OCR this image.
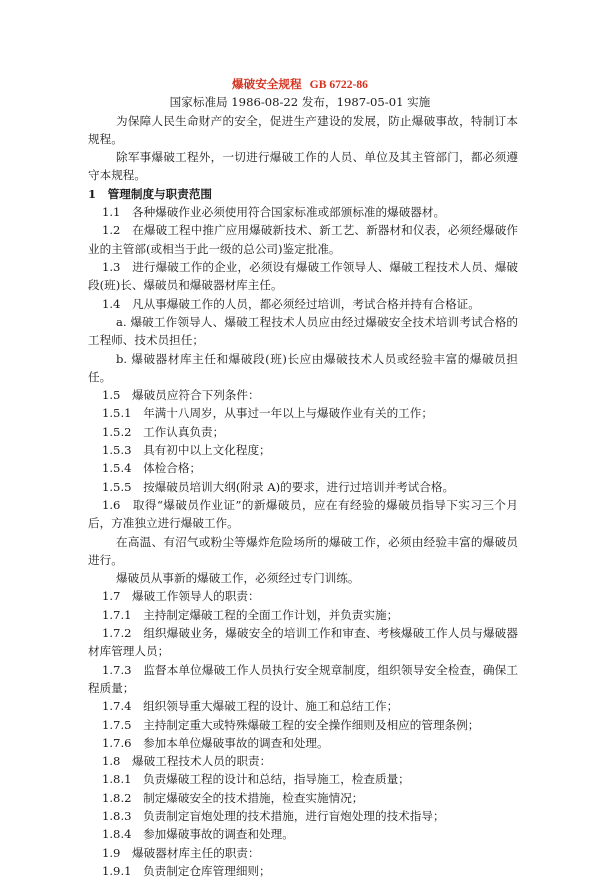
爆破安全规程 GB 6722-86
国家标准局 1986-08-22 发布，1987-05-01 实施

为保障人民生命财产的安全，促进生产建设的发展，防止爆破事故，特制订本规程。

除军事爆破工程外，一切进行爆破工作的人员、单位及其主管部门，都必须遵守本规程。

1　管理制度与职责范围

1.1　各种爆破作业必须使用符合国家标准或部颁标准的爆破器材。

1.2　在爆破工程中推广应用爆破新技术、新工艺、新器材和仪表，必须经爆破作业的主管部(或相当于此一级的总公司)鉴定批准。

1.3　进行爆破工作的企业，必须设有爆破工作领导人、爆破工程技术人员、爆破段(班)长、爆破员和爆破器材库主任。

1.4　凡从事爆破工作的人员，都必须经过培训，考试合格并持有合格证。

a. 爆破工作领导人、爆破工程技术人员应由经过爆破安全技术培训考试合格的工程师、技术员担任；

b. 爆破器材库主任和爆破段(班)长应由爆破技术人员或经验丰富的爆破员担任。

1.5　爆破员应符合下列条件：

1.5.1　年满十八周岁，从事过一年以上与爆破作业有关的工作；

1.5.2　工作认真负责；

1.5.3　具有初中以上文化程度；

1.5.4　体检合格；

1.5.5　按爆破员培训大纲(附录 A)的要求，进行过培训并考试合格。

1.6　取得“爆破员作业证”的新爆破员，应在有经验的爆破员指导下实习三个月后，方准独立进行爆破工作。

在高温、有沼气或粉尘等爆炸危险场所的爆破工作，必须由经验丰富的爆破员进行。

爆破员从事新的爆破工作，必须经过专门训练。

1.7　爆破工作领导人的职责：

1.7.1　主持制定爆破工程的全面工作计划，并负责实施；

1.7.2　组织爆破业务，爆破安全的培训工作和审查、考核爆破工作人员与爆破器材库管理人员；

1.7.3　监督本单位爆破工作人员执行安全规章制度，组织领导安全检查，确保工程质量；

1.7.4　组织领导重大爆破工程的设计、施工和总结工作；

1.7.5　主持制定重大或特殊爆破工程的安全操作细则及相应的管理条例；

1.7.6　参加本单位爆破事故的调查和处理。

1.8　爆破工程技术人员的职责：

1.8.1　负责爆破工程的设计和总结，指导施工，检查质量；

1.8.2　制定爆破安全的技术措施，检查实施情况；

1.8.3　负责制定盲炮处理的技术措施，进行盲炮处理的技术指导；

1.8.4　参加爆破事故的调查和处理。

1.9　爆破器材库主任的职责：

1.9.1　负责制定仓库管理细则；
